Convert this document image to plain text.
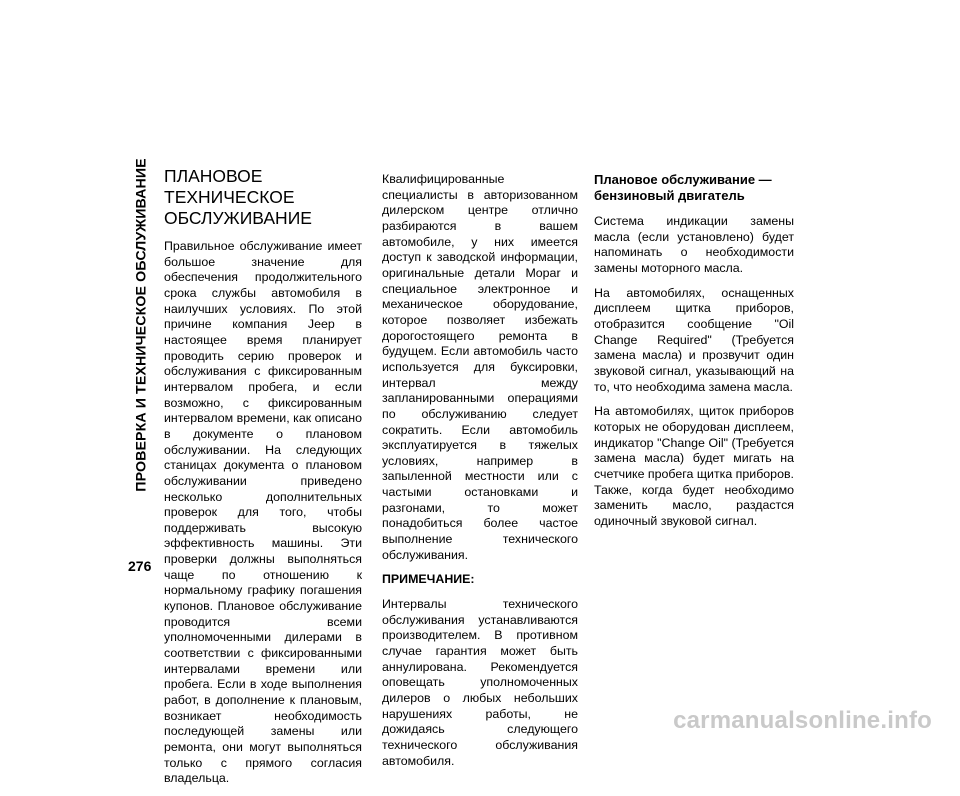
ПРОВЕРКА И ТЕХНИЧЕСКОЕ ОБСЛУЖИВАНИЕ
276
ПЛАНОВОЕ ТЕХНИЧЕСКОЕ ОБСЛУЖИВАНИЕ

Правильное обслуживание имеет большое значение для обеспечения продолжительного срока службы автомобиля в наилучших условиях. По этой причине компания Jeep в настоящее время планирует проводить серию проверок и обслуживания с фиксированным интервалом пробега, и если возможно, с фиксированным интервалом времени, как описано в документе о плановом обслуживании. На следующих станицах документа о плановом обслуживании приведено несколько дополнительных проверок для того, чтобы поддерживать высокую эффективность машины. Эти проверки должны выполняться чаще по отношению к нормальному графику погашения купонов. Плановое обслуживание проводится всеми уполномоченными дилерами в соответствии с фиксированными интервалами времени или пробега. Если в ходе выполнения работ, в дополнение к плановым, возникает необходимость последующей замены или ремонта, они могут выполняться только с прямого согласия владельца.

Квалифицированные специалисты в авторизованном дилерском центре отлично разбираются в вашем автомобиле, у них имеется доступ к заводской информации, оригинальные детали Mopar и специальное электронное и механическое оборудование, которое позволяет избежать дорогостоящего ремонта в будущем. Если автомобиль часто используется для буксировки, интервал между запланированными операциями по обслуживанию следует сократить. Если автомобиль эксплуатируется в тяжелых условиях, например в запыленной местности или с частыми остановками и разгонами, то может понадобиться более частое выполнение технического обслуживания.

ПРИМЕЧАНИЕ:

Интервалы технического обслуживания устанавливаются производителем. В противном случае гарантия может быть аннулирована. Рекомендуется оповещать уполномоченных дилеров о любых небольших нарушениях работы, не дожидаясь следующего технического обслуживания автомобиля.

Плановое обслуживание — бензиновый двигатель

Система индикации замены масла (если установлено) будет напоминать о необходимости замены моторного масла.

На автомобилях, оснащенных дисплеем щитка приборов, отобразится сообщение "Oil Change Required" (Требуется замена масла) и прозвучит один звуковой сигнал, указывающий на то, что необходима замена масла.

На автомобилях, щиток приборов которых не оборудован дисплеем, индикатор "Change Oil" (Требуется замена масла) будет мигать на счетчике пробега щитка приборов. Также, когда будет необходимо заменить масло, раздастся одиночный звуковой сигнал.

carmanualsonline.info
